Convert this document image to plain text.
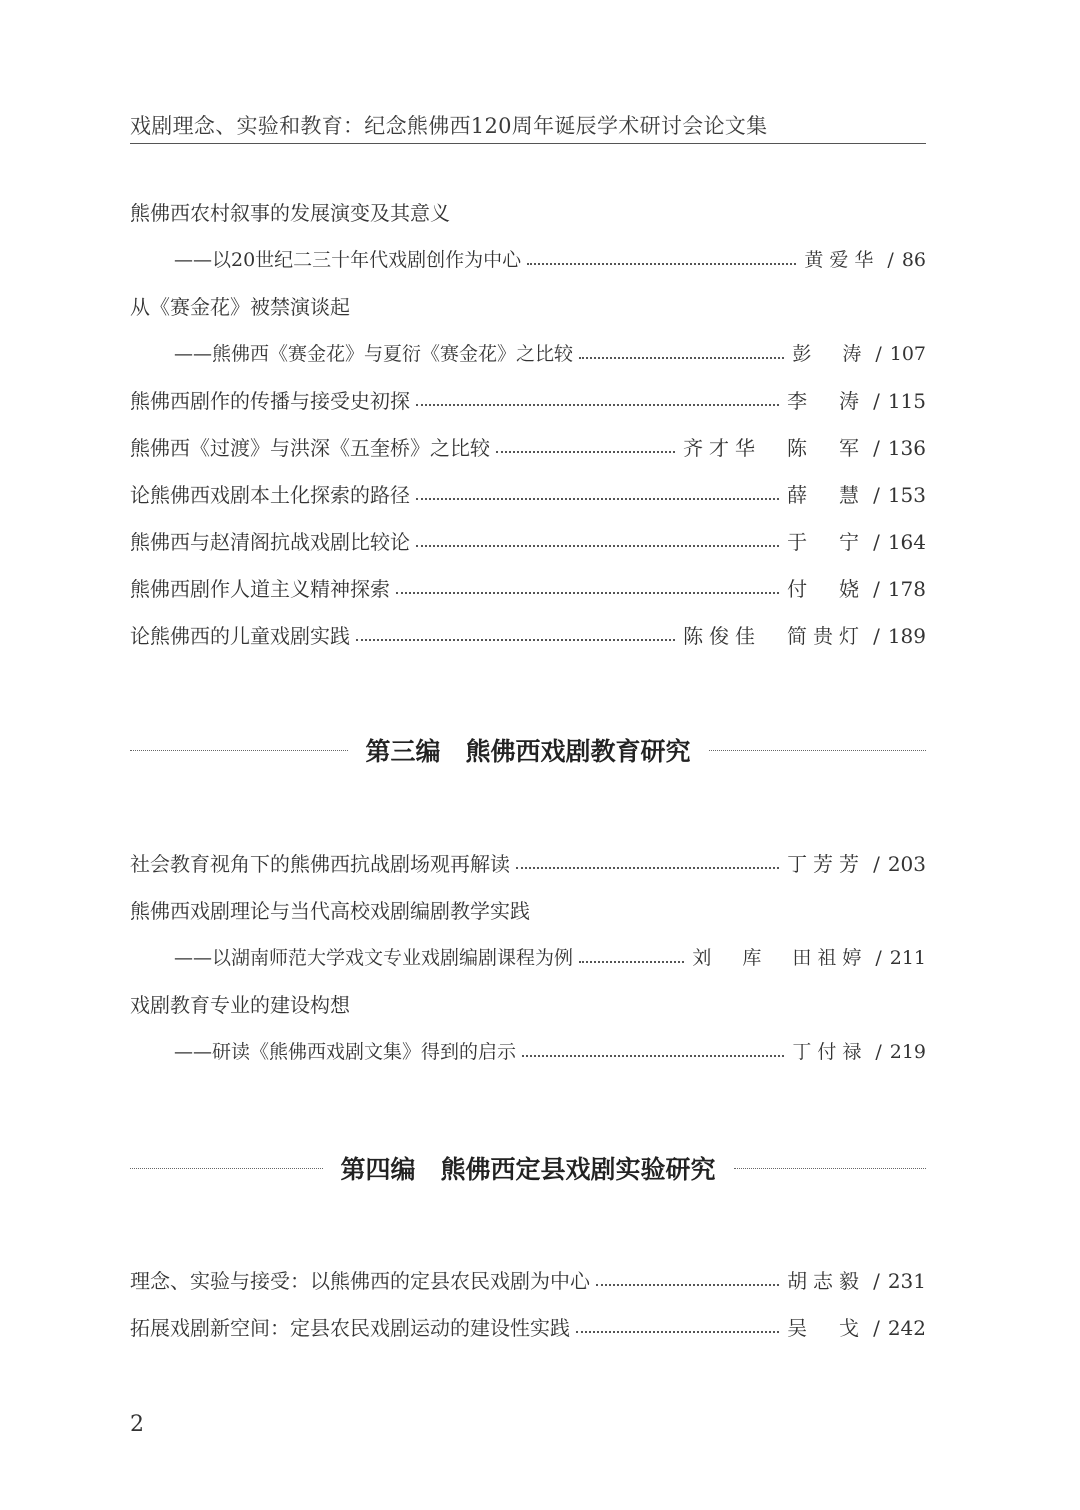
戏剧理念、实验和教育：纪念熊佛西120周年诞辰学术研讨会论文集
熊佛西农村叙事的发展演变及其意义
——以20世纪二三十年代戏剧创作为中心	黄爱华 / 86
从《赛金花》被禁演谈起
——熊佛西《赛金花》与夏衍《赛金花》之比较	彭　涛 / 107
熊佛西剧作的传播与接受史初探	李　涛 / 115
熊佛西《过渡》与洪深《五奎桥》之比较	齐才华　陈　军 / 136
论熊佛西戏剧本土化探索的路径	薛　慧 / 153
熊佛西与赵清阁抗战戏剧比较论	于　宁 / 164
熊佛西剧作人道主义精神探索	付　娆 / 178
论熊佛西的儿童戏剧实践	陈俊佳　简贵灯 / 189
第三编　熊佛西戏剧教育研究
社会教育视角下的熊佛西抗战剧场观再解读	丁芳芳 / 203
熊佛西戏剧理论与当代高校戏剧编剧教学实践
——以湖南师范大学戏文专业戏剧编剧课程为例	刘　库　田祖婷 / 211
戏剧教育专业的建设构想
——研读《熊佛西戏剧文集》得到的启示	丁付禄 / 219
第四编　熊佛西定县戏剧实验研究
理念、实验与接受：以熊佛西的定县农民戏剧为中心	胡志毅 / 231
拓展戏剧新空间：定县农民戏剧运动的建设性实践	吴　戈 / 242
2
